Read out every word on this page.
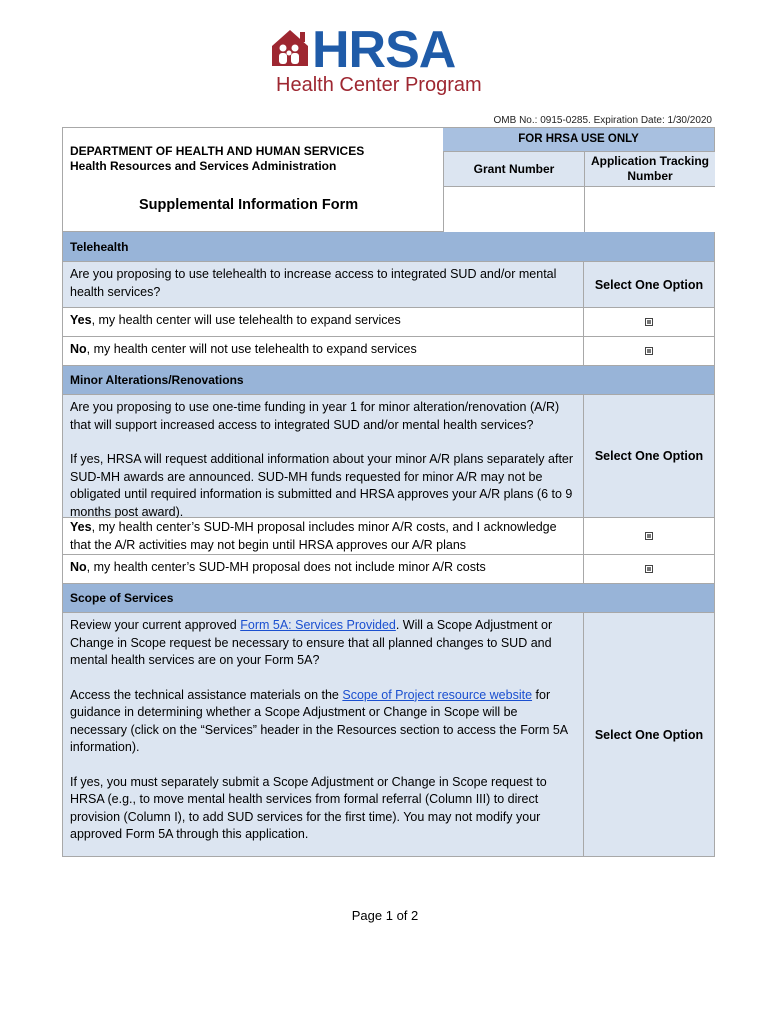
HRSA
Health Center Program
OMB No.: 0915-0285. Expiration Date: 1/30/2020
DEPARTMENT OF HEALTH AND HUMAN SERVICES
Health Resources and Services Administration
Supplemental Information Form
FOR HRSA USE ONLY
Grant Number
Application Tracking Number
Telehealth
Are you proposing to use telehealth to increase access to integrated SUD and/or mental health services?	Select One Option
Yes, my health center will use telehealth to expand services
No, my health center will not use telehealth to expand services
Minor Alterations/Renovations

Are you proposing to use one-time funding in year 1 for minor alteration/renovation (A/R) that will support increased access to integrated SUD and/or mental health services?

If yes, HRSA will request additional information about your minor A/R plans separately after SUD-MH awards are announced. SUD-MH funds requested for minor A/R may not be obligated until required information is submitted and HRSA approves your A/R plans (6 to 9 months post award).

Select One Option
Yes, my health center’s SUD-MH proposal includes minor A/R costs, and I acknowledge that the A/R activities may not begin until HRSA approves our A/R plans
No, my health center’s SUD-MH proposal does not include minor A/R costs
Scope of Services

Review your current approved Form 5A: Services Provided. Will a Scope Adjustment or Change in Scope request be necessary to ensure that all planned changes to SUD and mental health services are on your Form 5A?

Access the technical assistance materials on the Scope of Project resource website for guidance in determining whether a Scope Adjustment or Change in Scope will be necessary (click on the “Services” header in the Resources section to access the Form 5A information).

If yes, you must separately submit a Scope Adjustment or Change in Scope request to HRSA (e.g., to move mental health services from formal referral (Column III) to direct provision (Column I), to add SUD services for the first time). You may not modify your approved Form 5A through this application.

Select One Option
Page 1 of 2
